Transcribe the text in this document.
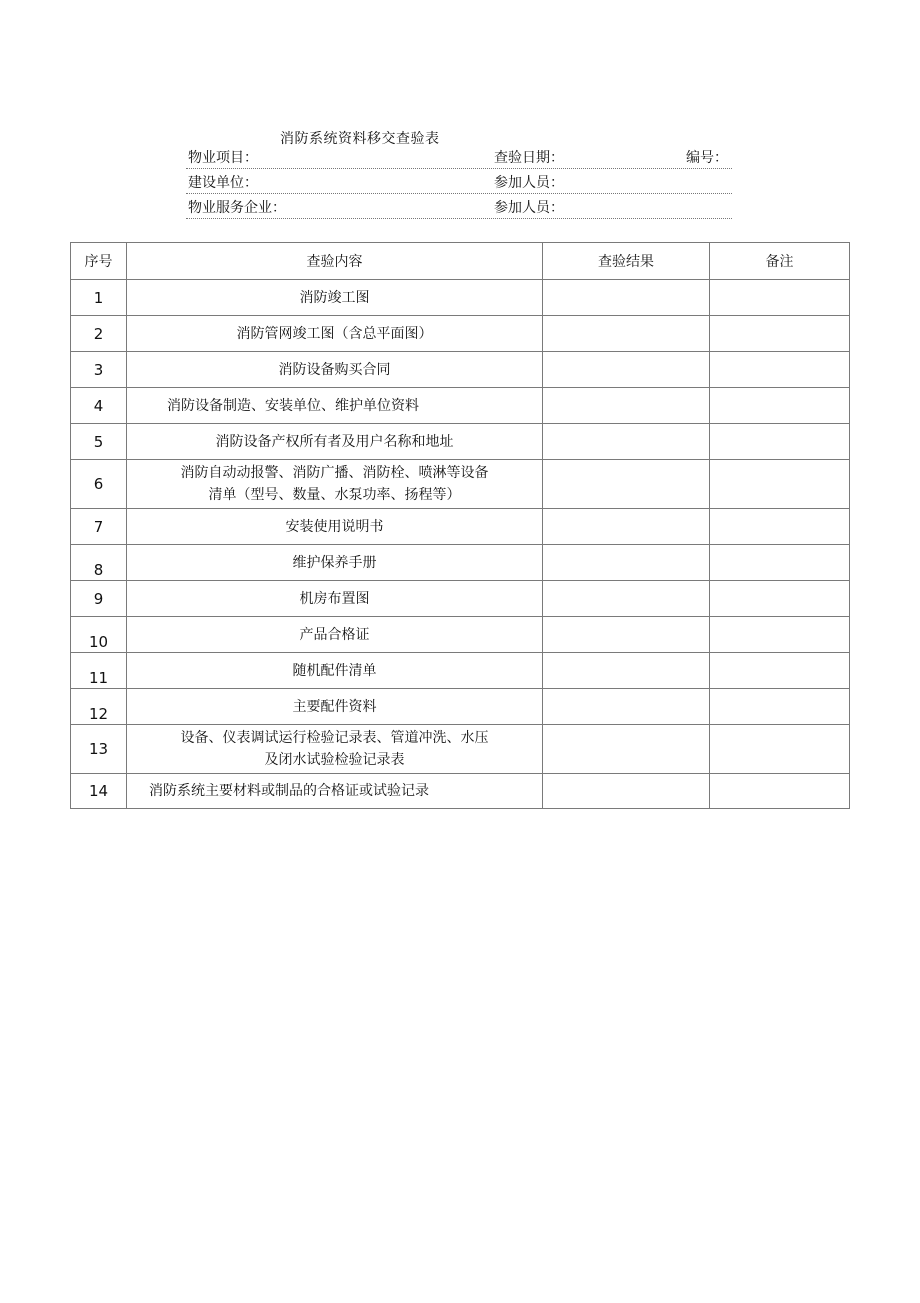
消防系统资料移交查验表
物业项目：	查验日期：	编号：
建设单位：	参加人员：
物业服务企业：	参加人员：
序号	查验内容	查验结果	备注
1	消防竣工图		
2	消防管网竣工图（含总平面图）		
3	消防设备购买合同		
4	消防设备制造、安装单位、维护单位资料		
5	消防设备产权所有者及用户名称和地址		
6	消防自动动报警、消防广播、消防栓、喷淋等设备
清单（型号、数量、水泵功率、扬程等）		

7	安装使用说明书		
8	维护保养手册		
9	机房布置图		
10	产品合格证		
11	随机配件清单		
12	主要配件资料		
13	设备、仪表调试运行检验记录表、管道冲洗、水压
及闭水试验检验记录表		

14	消防系统主要材料或制品的合格证或试验记录		
